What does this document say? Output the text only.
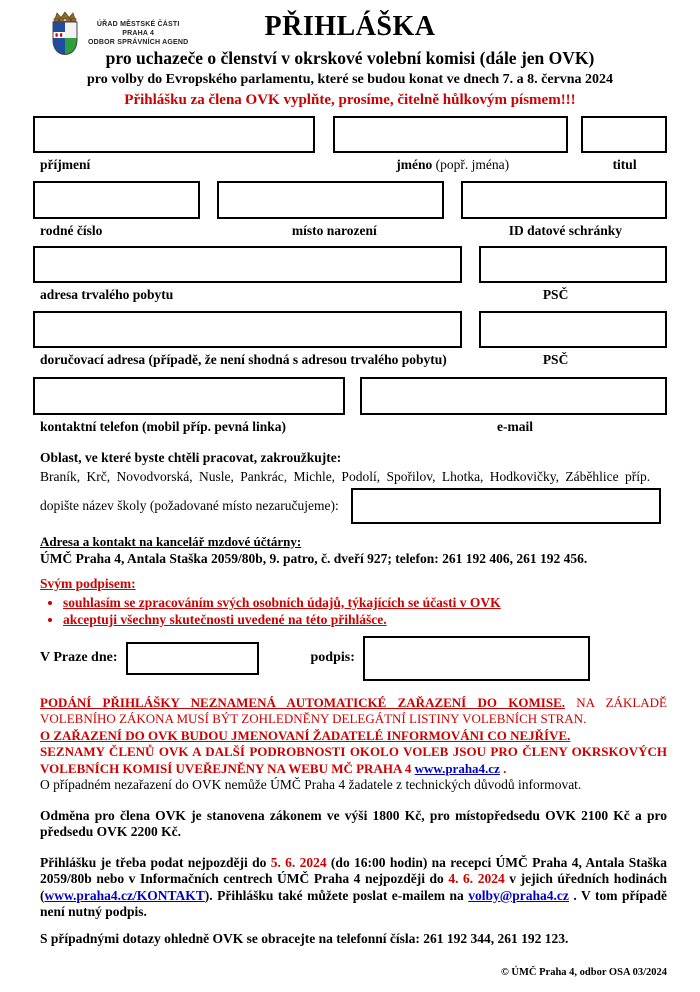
ÚŘAD MĚSTSKÉ ČÁSTI
PRAHA 4
ODBOR SPRÁVNÍCH AGEND	PŘIHLÁŠKA
pro uchazeče o členství v okrskové volební komisi (dále jen OVK)
pro volby do Evropského parlamentu, které se budou konat ve dnech 7. a 8. června 2024
Přihlášku za člena OVK vyplňte, prosíme, čitelně hůlkovým písmem!!!
příjmení	jméno (popř. jména)	titul
rodné číslo	místo narození	ID datové schránky
adresa trvalého pobytu	PSČ
doručovací adresa (případě, že není shodná s adresou trvalého pobytu)	PSČ
kontaktní telefon (mobil příp. pevná linka)	e-mail
Oblast, ve které byste chtěli pracovat, zakroužkujte:
Braník, Krč, Novodvorská, Nusle, Pankrác, Michle, Podolí, Spořilov, Lhotka, Hodkovičky, Záběhlice příp.
dopište název školy (požadované místo nezaručujeme):
Adresa a kontakt na kancelář mzdové účtárny:
ÚMČ Praha 4, Antala Staška 2059/80b, 9. patro, č. dveří 927; telefon: 261 192 406, 261 192 456.
Svým podpisem:
• souhlasím se zpracováním svých osobních údajů, týkajících se účasti v OVK
• akceptuji všechny skutečnosti uvedené na této přihlášce.
V Praze dne:	podpis:
PODÁNÍ PŘIHLÁŠKY NEZNAMENÁ AUTOMATICKÉ ZAŘAZENÍ DO KOMISE. NA ZÁKLADĚ VOLEBNÍHO ZÁKONA MUSÍ BÝT ZOHLEDNĚNY DELEGÁTNÍ LISTINY VOLEBNÍCH STRAN.
O ZAŘAZENÍ DO OVK BUDOU JMENOVANÍ ŽADATELÉ INFORMOVÁNI CO NEJŘÍVE.
SEZNAMY ČLENŮ OVK A DALŠÍ PODROBNOSTI OKOLO VOLEB JSOU PRO ČLENY OKRSKOVÝCH VOLEBNÍCH KOMISÍ UVEŘEJNĚNY NA WEBU MČ PRAHA 4 www.praha4.cz .
O případném nezařazení do OVK nemůže ÚMČ Praha 4 žadatele z technických důvodů informovat.
Odměna pro člena OVK je stanovena zákonem ve výši 1800 Kč, pro místopředsedu OVK 2100 Kč a pro předsedu OVK 2200 Kč.
Přihlášku je třeba podat nejpozději do 5. 6. 2024 (do 16:00 hodin) na recepci ÚMČ Praha 4, Antala Staška 2059/80b nebo v Informačních centrech ÚMČ Praha 4 nejpozději do 4. 6. 2024 v jejich úředních hodinách (www.praha4.cz/KONTAKT). Přihlášku také můžete poslat e-mailem na volby@praha4.cz . V tom případě není nutný podpis.
S případnými dotazy ohledně OVK se obracejte na telefonní čísla: 261 192 344, 261 192 123.
© ÚMČ Praha 4, odbor OSA 03/2024
